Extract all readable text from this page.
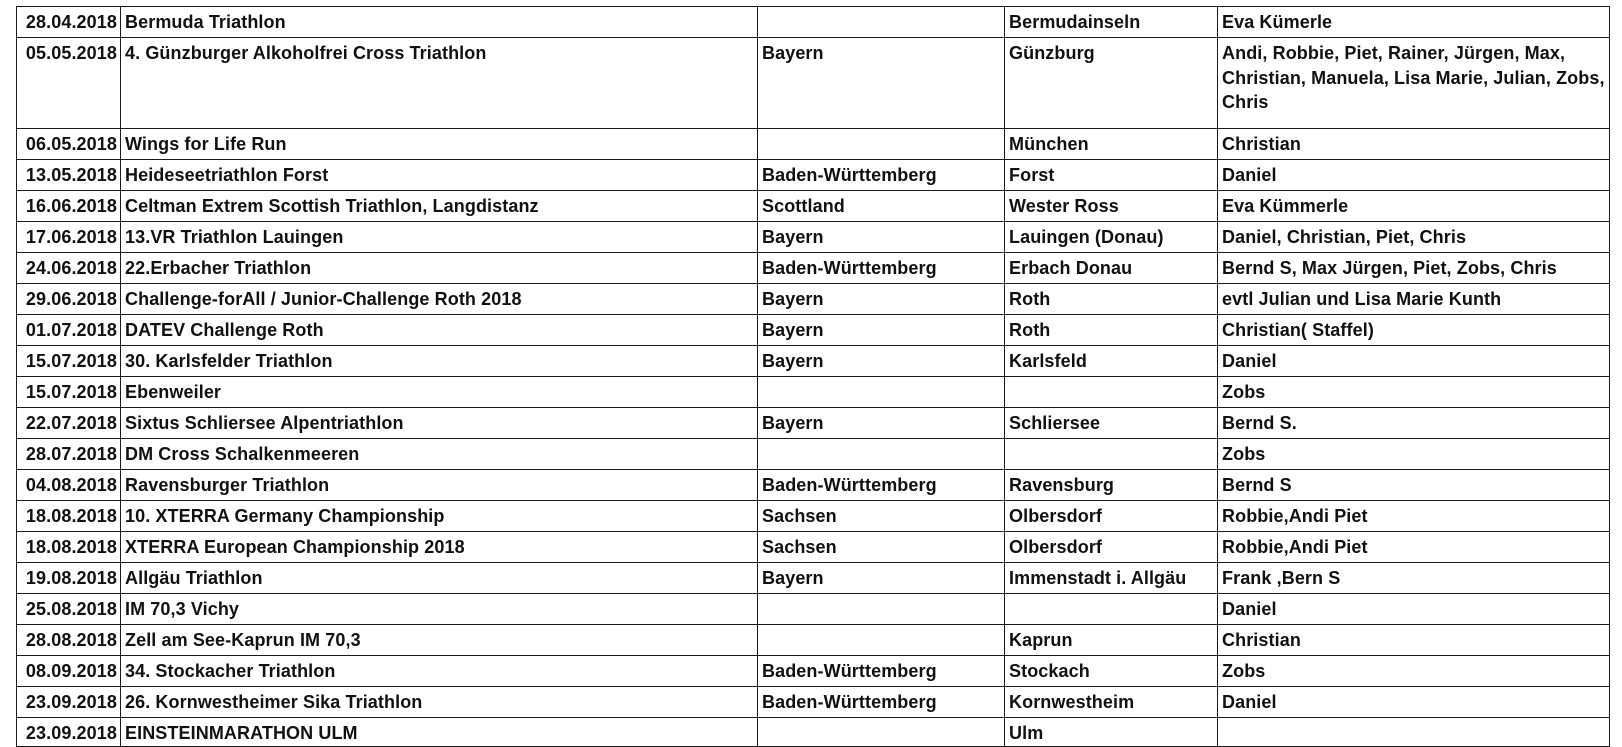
28.04.2018	Bermuda Triathlon		Bermudainseln	Eva Kümerle
05.05.2018	4. Günzburger Alkoholfrei Cross Triathlon	Bayern	Günzburg	Andi, Robbie, Piet, Rainer, Jürgen, Max, Christian, Manuela, Lisa Marie, Julian, Zobs, Chris
06.05.2018	Wings for Life Run		München	Christian
13.05.2018	Heideseetriathlon Forst	Baden-Württemberg	Forst	Daniel
16.06.2018	Celtman Extrem Scottish Triathlon, Langdistanz	Scottland	Wester Ross	Eva Kümmerle
17.06.2018	13.VR Triathlon Lauingen	Bayern	Lauingen (Donau)	Daniel, Christian, Piet, Chris
24.06.2018	22.Erbacher Triathlon	Baden-Württemberg	Erbach Donau	Bernd S, Max Jürgen, Piet, Zobs, Chris
29.06.2018	Challenge-forAll / Junior-Challenge Roth 2018	Bayern	Roth	evtl Julian und Lisa Marie Kunth
01.07.2018	DATEV Challenge Roth	Bayern	Roth	Christian( Staffel)
15.07.2018	30. Karlsfelder Triathlon	Bayern	Karlsfeld	Daniel
15.07.2018	Ebenweiler			Zobs
22.07.2018	Sixtus Schliersee Alpentriathlon	Bayern	Schliersee	Bernd S.
28.07.2018	DM Cross Schalkenmeeren			Zobs
04.08.2018	Ravensburger Triathlon	Baden-Württemberg	Ravensburg	Bernd S
18.08.2018	10. XTERRA Germany Championship	Sachsen	Olbersdorf	Robbie,Andi Piet
18.08.2018	XTERRA European Championship 2018	Sachsen	Olbersdorf	Robbie,Andi Piet
19.08.2018	Allgäu Triathlon	Bayern	Immenstadt i. Allgäu	Frank ,Bern S
25.08.2018	IM 70,3 Vichy			Daniel
28.08.2018	Zell am See-Kaprun IM 70,3		Kaprun	Christian
08.09.2018	34. Stockacher Triathlon	Baden-Württemberg	Stockach	Zobs
23.09.2018	26. Kornwestheimer Sika Triathlon	Baden-Württemberg	Kornwestheim	Daniel
23.09.2018	EINSTEINMARATHON ULM		Ulm	
